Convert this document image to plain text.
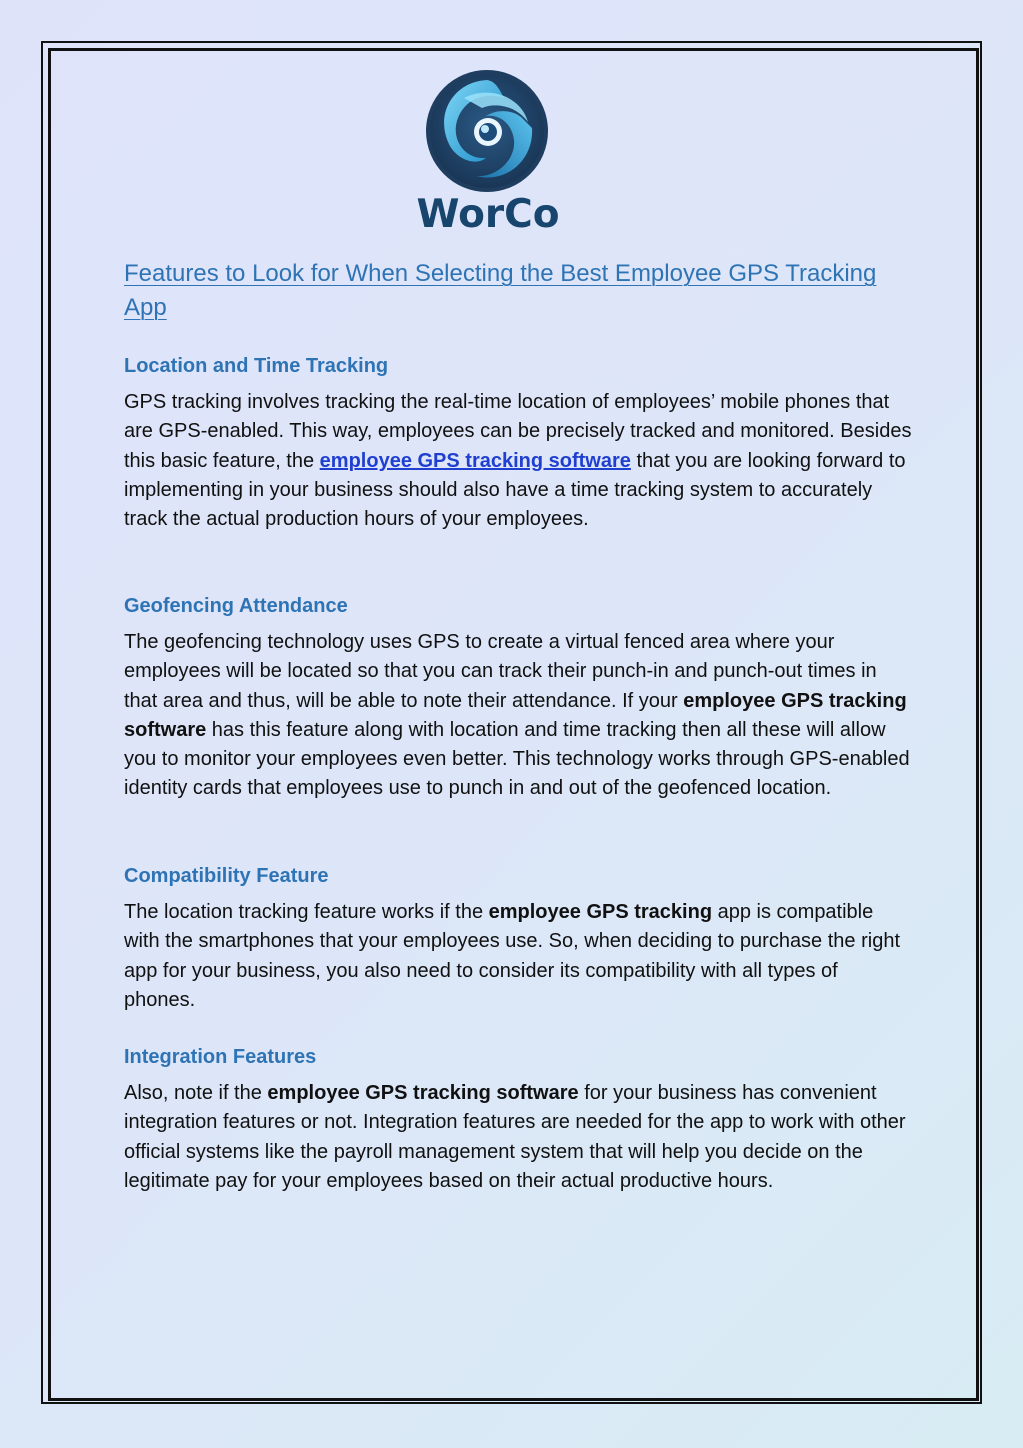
WorCo
Features to Look for When Selecting the Best Employee GPS Tracking App
Location and Time Tracking

GPS tracking involves tracking the real-time location of employees’ mobile phones that are GPS-enabled. This way, employees can be precisely tracked and monitored. Besides this basic feature, the employee GPS tracking software that you are looking forward to implementing in your business should also have a time tracking system to accurately track the actual production hours of your employees.

Geofencing Attendance

The geofencing technology uses GPS to create a virtual fenced area where your employees will be located so that you can track their punch-in and punch-out times in that area and thus, will be able to note their attendance. If your employee GPS tracking software has this feature along with location and time tracking then all these will allow you to monitor your employees even better. This technology works through GPS-enabled identity cards that employees use to punch in and out of the geofenced location.

Compatibility Feature

The location tracking feature works if the employee GPS tracking app is compatible with the smartphones that your employees use. So, when deciding to purchase the right app for your business, you also need to consider its compatibility with all types of phones.

Integration Features

Also, note if the employee GPS tracking software for your business has convenient integration features or not. Integration features are needed for the app to work with other official systems like the payroll management system that will help you decide on the legitimate pay for your employees based on their actual productive hours.
